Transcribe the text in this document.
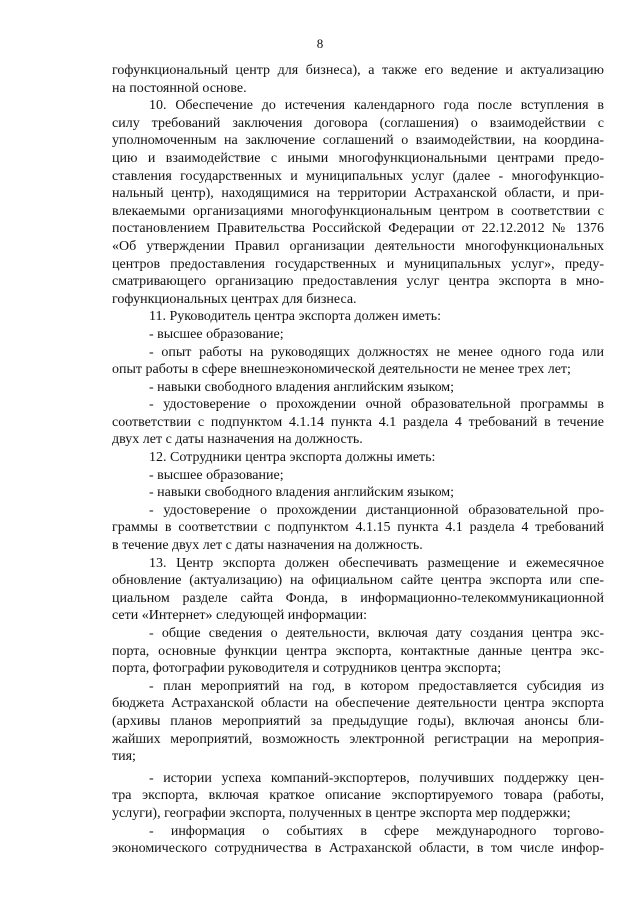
8

гофункциональный центр для бизнеса), а также его ведение и актуализацию

на постоянной основе.

10. Обеспечение до истечения календарного года после вступления в

силу требований заключения договора (соглашения) о взаимодействии с

уполномоченным на заключение соглашений о взаимодействии, на координа-

цию и взаимодействие с иными многофункциональными центрами предо-

ставления государственных и муниципальных услуг (далее - многофункцио-

нальный центр), находящимися на территории Астраханской области, и при-

влекаемыми организациями многофункциональным центром в соответствии с

постановлением Правительства Российской Федерации от 22.12.2012 № 1376

«Об утверждении Правил организации деятельности многофункциональных

центров предоставления государственных и муниципальных услуг», преду-

сматривающего организацию предоставления услуг центра экспорта в мно-

гофункциональных центрах для бизнеса.

11. Руководитель центра экспорта должен иметь:

- высшее образование;

- опыт работы на руководящих должностях не менее одного года или

опыт работы в сфере внешнеэкономической деятельности не менее трех лет;

- навыки свободного владения английским языком;

- удостоверение о прохождении очной образовательной программы в

соответствии с подпунктом 4.1.14 пункта 4.1 раздела 4 требований в течение

двух лет с даты назначения на должность.

12. Сотрудники центра экспорта должны иметь:

- высшее образование;

- навыки свободного владения английским языком;

- удостоверение о прохождении дистанционной образовательной про-

граммы в соответствии с подпунктом 4.1.15 пункта 4.1 раздела 4 требований

в течение двух лет с даты назначения на должность.

13. Центр экспорта должен обеспечивать размещение и ежемесячное

обновление (актуализацию) на официальном сайте центра экспорта или спе-

циальном разделе сайта Фонда, в информационно-телекоммуникационной

сети «Интернет» следующей информации:

- общие сведения о деятельности, включая дату создания центра экс-

порта, основные функции центра экспорта, контактные данные центра экс-

порта, фотографии руководителя и сотрудников центра экспорта;

- план мероприятий на год, в котором предоставляется субсидия из

бюджета Астраханской области на обеспечение деятельности центра экспорта

(архивы планов мероприятий за предыдущие годы), включая анонсы бли-

жайших мероприятий, возможность электронной регистрации на мероприя-

тия;

- истории успеха компаний-экспортеров, получивших поддержку цен-

тра экспорта, включая краткое описание экспортируемого товара (работы,

услуги), географии экспорта, полученных в центре экспорта мер поддержки;

- информация о событиях в сфере международного торгово-

экономического сотрудничества в Астраханской области, в том числе инфор-
